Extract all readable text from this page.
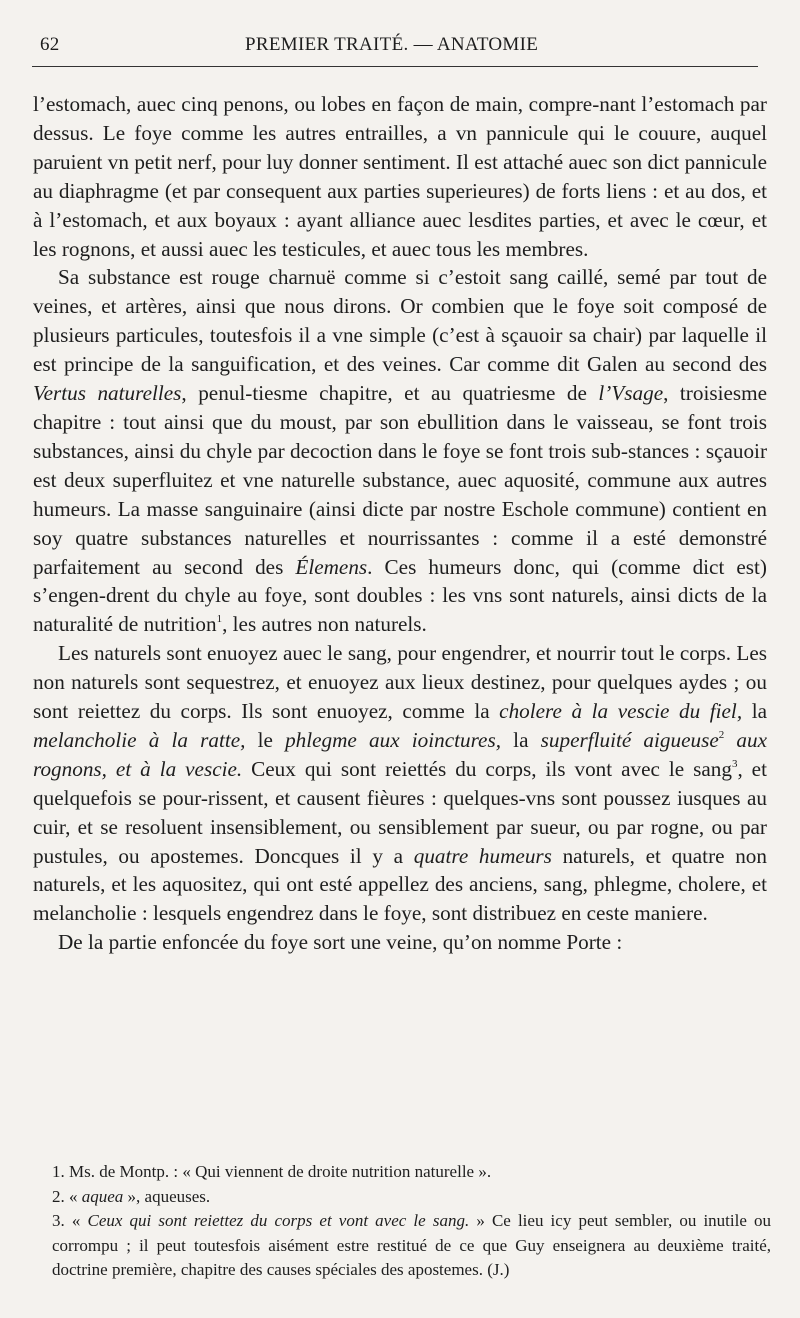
62	PREMIER TRAITÉ. — ANATOMIE

l’estomach, auec cinq penons, ou lobes en façon de main, compre-nant l’estomach par dessus. Le foye comme les autres entrailles, a vn pannicule qui le couure, auquel paruient vn petit nerf, pour luy donner sentiment. Il est attaché auec son dict pannicule au diaphragme (et par consequent aux parties superieures) de forts liens : et au dos, et à l’estomach, et aux boyaux : ayant alliance auec lesdites parties, et avec le cœur, et les rognons, et aussi auec les testicules, et auec tous les membres.

Sa substance est rouge charnuë comme si c’estoit sang caillé, semé par tout de veines, et artères, ainsi que nous dirons. Or combien que le foye soit composé de plusieurs particules, toutesfois il a vne simple (c’est à sçauoir sa chair) par laquelle il est principe de la sanguification, et des veines. Car comme dit Galen au second des Vertus naturelles, penul-tiesme chapitre, et au quatriesme de l’Vsage, troisiesme chapitre : tout ainsi que du moust, par son ebullition dans le vaisseau, se font trois substances, ainsi du chyle par decoction dans le foye se font trois sub-stances : sçauoir est deux superfluitez et vne naturelle substance, auec aquosité, commune aux autres humeurs. La masse sanguinaire (ainsi dicte par nostre Eschole commune) contient en soy quatre substances naturelles et nourrissantes : comme il a esté demonstré parfaitement au second des Élemens. Ces humeurs donc, qui (comme dict est) s’engen-drent du chyle au foye, sont doubles : les vns sont naturels, ainsi dicts de la naturalité de nutrition$^1$, les autres non naturels.

Les naturels sont enuoyez auec le sang, pour engendrer, et nourrir tout le corps. Les non naturels sont sequestrez, et enuoyez aux lieux destinez, pour quelques aydes ; ou sont reiettez du corps. Ils sont enuoyez, comme la cholere à la vescie du fiel, la melancholie à la ratte, le phlegme aux ioinctures, la superfluité aigueuse$^2$ aux rognons, et à la vescie. Ceux qui sont reiettés du corps, ils vont avec le sang$^3$, et quelquefois se pour-rissent, et causent fièures : quelques-vns sont poussez iusques au cuir, et se resoluent insensiblement, ou sensiblement par sueur, ou par rogne, ou par pustules, ou apostemes. Doncques il y a quatre humeurs naturels, et quatre non naturels, et les aquositez, qui ont esté appellez des anciens, sang, phlegme, cholere, et melancholie : lesquels engendrez dans le foye, sont distribuez en ceste maniere.

De la partie enfoncée du foye sort une veine, qu’on nomme Porte :

1. Ms. de Montp. : « Qui viennent de droite nutrition naturelle ».

2. « aquea », aqueuses.

3. « Ceux qui sont reiettez du corps et vont avec le sang. » Ce lieu icy peut sembler, ou inutile ou corrompu ; il peut toutesfois aisément estre restitué de ce que Guy enseignera au deuxième traité, doctrine première, chapitre des causes spéciales des apostemes. (J.)
